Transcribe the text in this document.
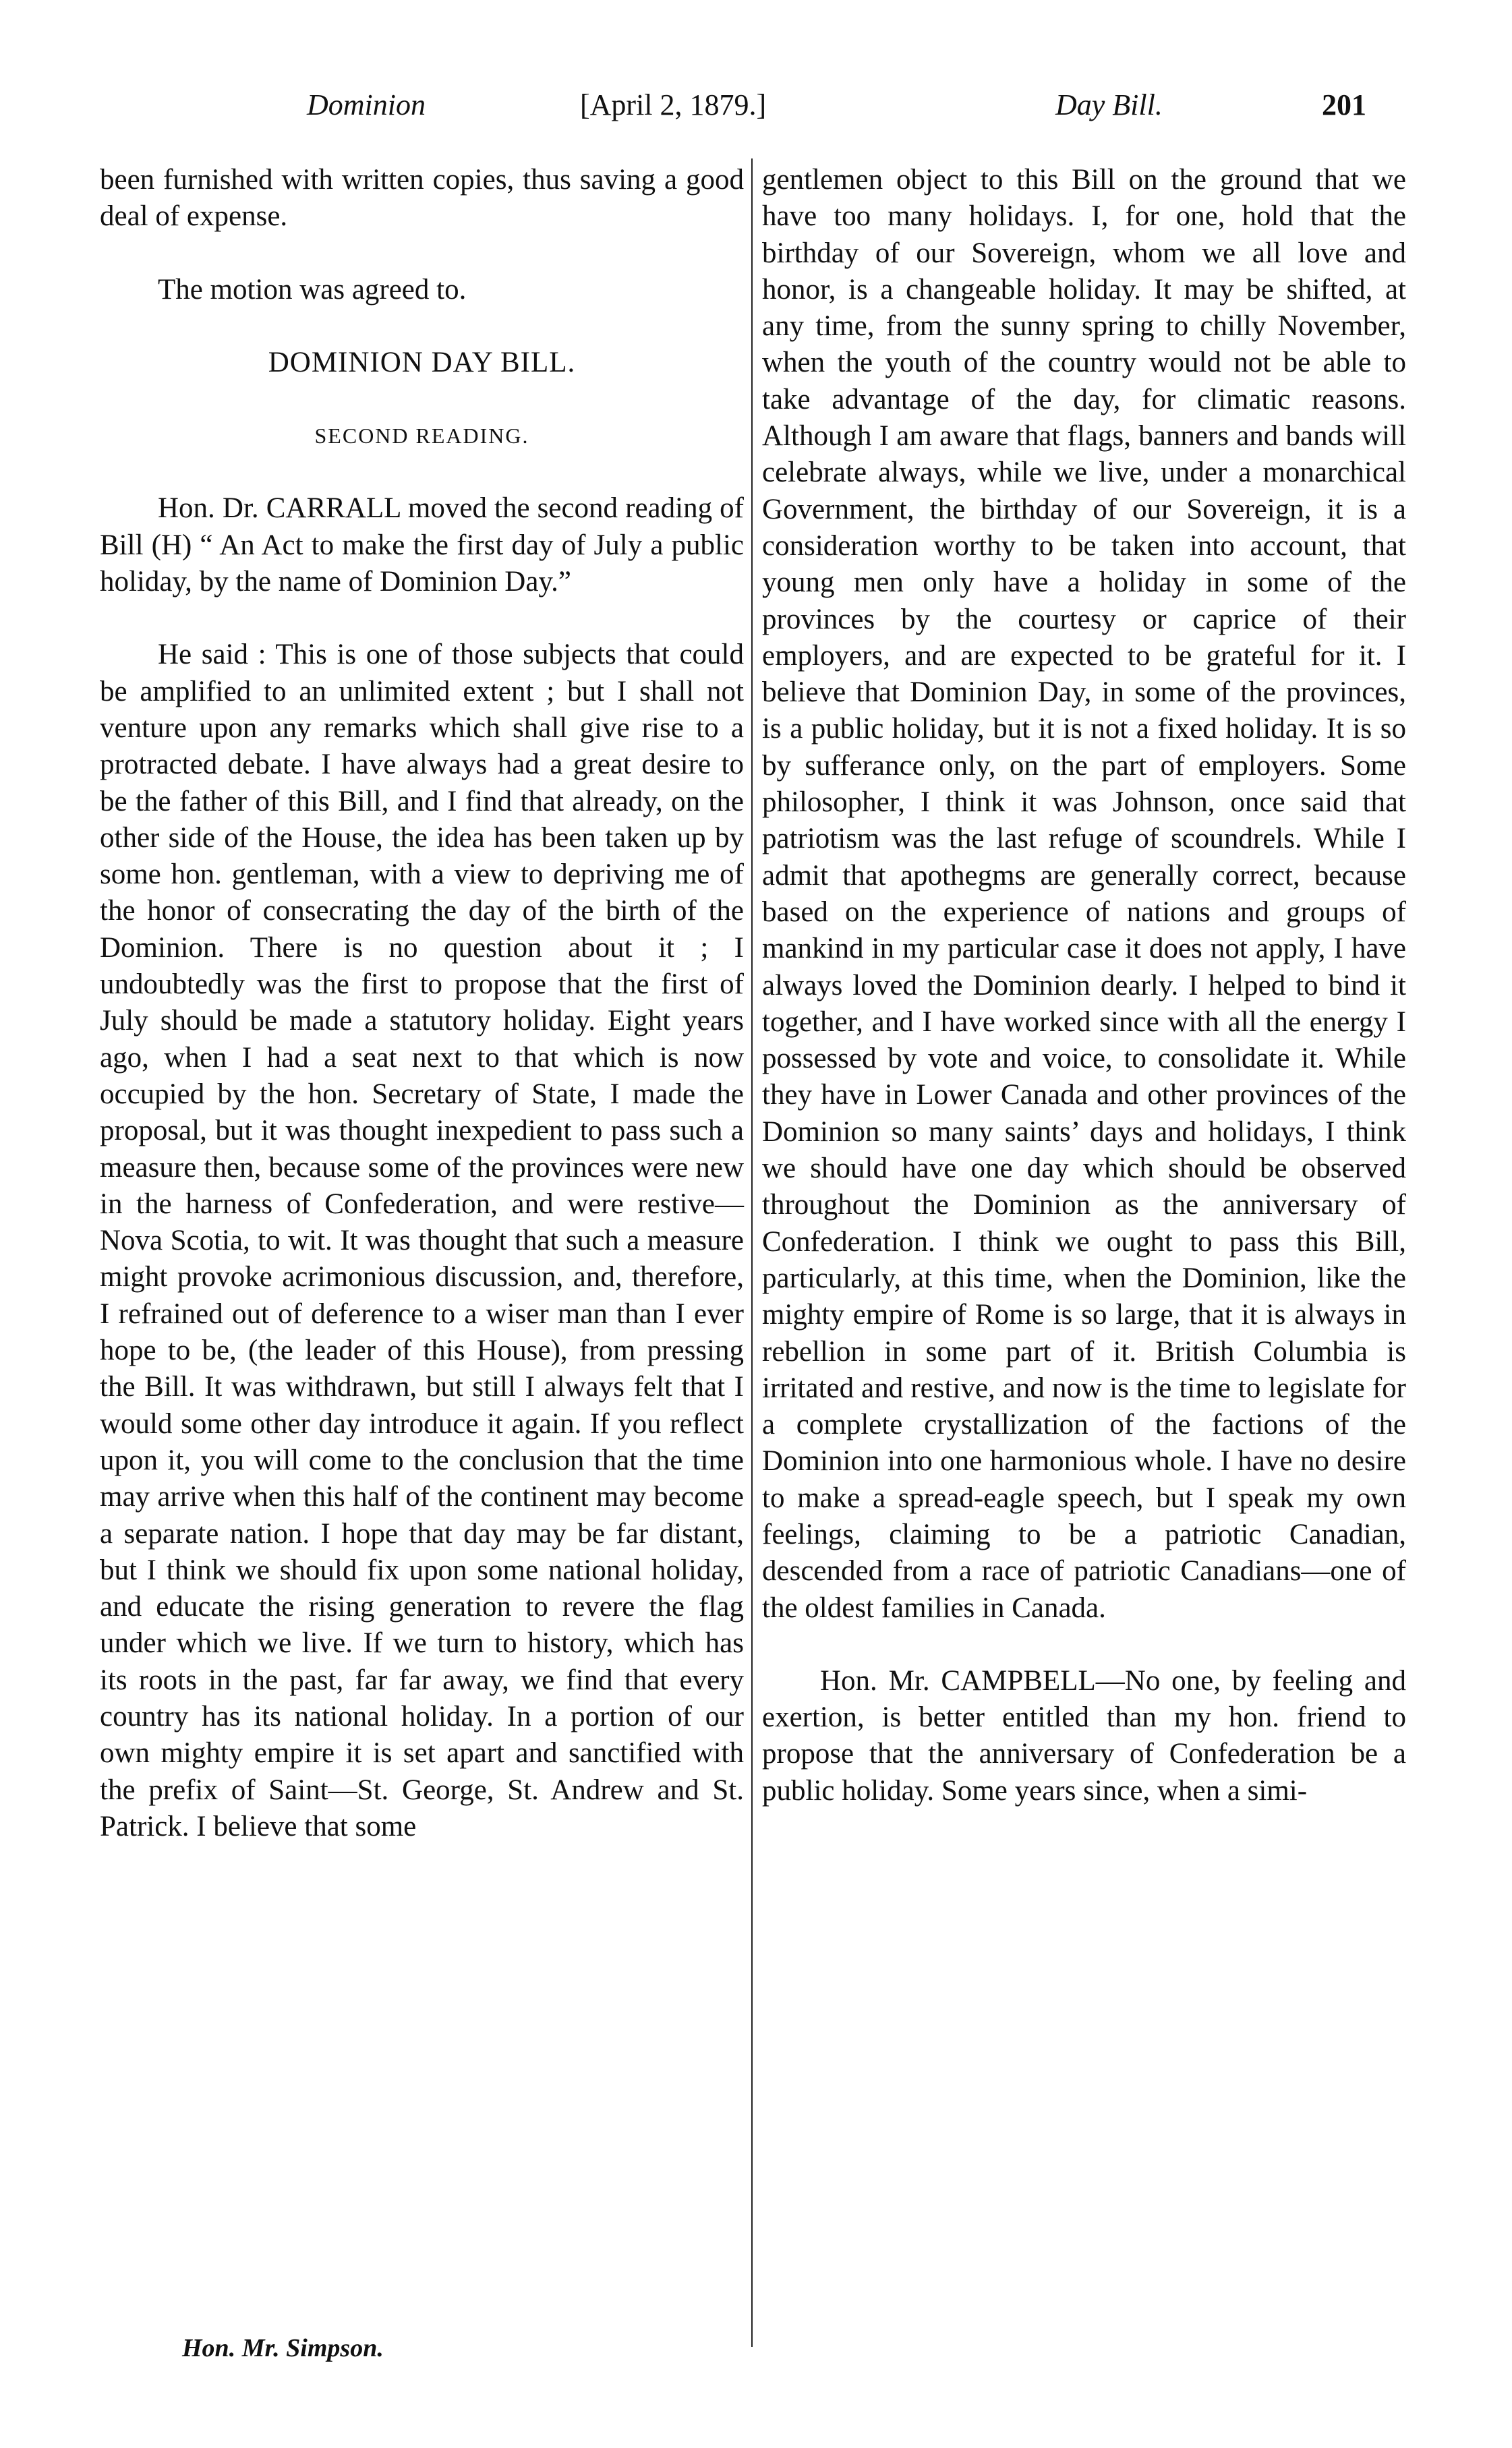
Dominion	[April 2, 1879.]	Day Bill.	201

been furnished with written copies, thus saving a good deal of expense.

The motion was agreed to.

DOMINION DAY BILL.

SECOND READING.

Hon. Dr. CARRALL moved the second reading of Bill (H) “ An Act to make the first day of July a public holiday, by the name of Dominion Day.”

He said : This is one of those subjects that could be amplified to an unlimited extent ; but I shall not venture upon any remarks which shall give rise to a protracted debate. I have always had a great desire to be the father of this Bill, and I find that already, on the other side of the House, the idea has been taken up by some hon. gentleman, with a view to depriving me of the honor of consecrating the day of the birth of the Dominion. There is no question about it ; I undoubtedly was the first to propose that the first of July should be made a statutory holiday. Eight years ago, when I had a seat next to that which is now occupied by the hon. Secretary of State, I made the proposal, but it was thought inexpedient to pass such a measure then, because some of the provinces were new in the harness of Confederation, and were restive—Nova Scotia, to wit. It was thought that such a measure might provoke acrimonious discussion, and, therefore, I refrained out of deference to a wiser man than I ever hope to be, (the leader of this House), from pressing the Bill. It was withdrawn, but still I always felt that I would some other day introduce it again. If you reflect upon it, you will come to the conclusion that the time may arrive when this half of the continent may become a separate nation. I hope that day may be far distant, but I think we should fix upon some national holiday, and educate the rising generation to revere the flag under which we live. If we turn to history, which has its roots in the past, far far away, we find that every country has its national holiday. In a portion of our own mighty empire it is set apart and sanctified with the prefix of Saint—St. George, St. Andrew and St. Patrick. I believe that some

gentlemen object to this Bill on the ground that we have too many holidays. I, for one, hold that the birthday of our Sovereign, whom we all love and honor, is a changeable holiday. It may be shifted, at any time, from the sunny spring to chilly November, when the youth of the country would not be able to take advantage of the day, for climatic reasons. Although I am aware that flags, banners and bands will celebrate always, while we live, under a monarchical Government, the birthday of our Sovereign, it is a consideration worthy to be taken into account, that young men only have a holiday in some of the provinces by the courtesy or caprice of their employers, and are expected to be grateful for it. I believe that Dominion Day, in some of the provinces, is a public holiday, but it is not a fixed holiday. It is so by sufferance only, on the part of employers. Some philosopher, I think it was Johnson, once said that patriotism was the last refuge of scoundrels. While I admit that apothegms are generally correct, because based on the experience of nations and groups of mankind in my particular case it does not apply, I have always loved the Dominion dearly. I helped to bind it together, and I have worked since with all the energy I possessed by vote and voice, to consolidate it. While they have in Lower Canada and other provinces of the Dominion so many saints’ days and holidays, I think we should have one day which should be observed throughout the Dominion as the anniversary of Confederation. I think we ought to pass this Bill, particularly, at this time, when the Dominion, like the mighty empire of Rome is so large, that it is always in rebellion in some part of it. British Columbia is irritated and restive, and now is the time to legislate for a complete crystallization of the factions of the Dominion into one harmonious whole. I have no desire to make a spread-eagle speech, but I speak my own feelings, claiming to be a patriotic Canadian, descended from a race of patriotic Canadians—one of the oldest families in Canada.

Hon. Mr. CAMPBELL—No one, by feeling and exertion, is better entitled than my hon. friend to propose that the anniversary of Confederation be a public holiday. Some years since, when a simi-

Hon. Mr. Simpson.
